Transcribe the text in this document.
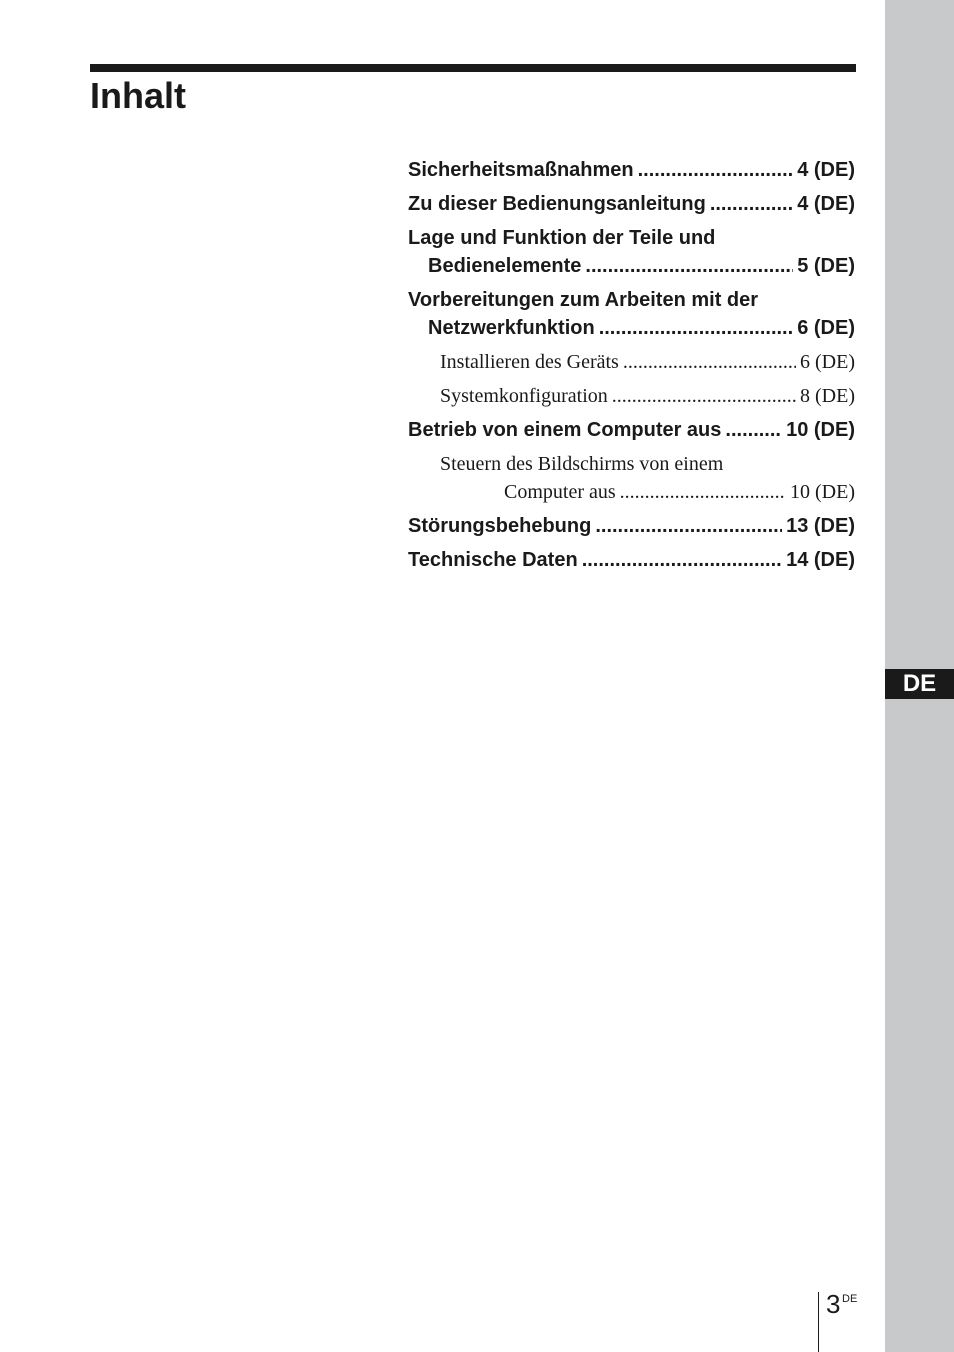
Inhalt
DE
Sicherheitsmaßnahmen .....	4 (DE)
Zu dieser Bedienungsanleitung .....	4 (DE)
Lage und Funktion der Teile und
Bedienelemente .....	5 (DE)
Vorbereitungen zum Arbeiten mit der
Netzwerkfunktion .....	6 (DE)
Installieren des Geräts .....	6 (DE)
Systemkonfiguration .....	8 (DE)
Betrieb von einem Computer aus .....	10 (DE)
Steuern des Bildschirms von einem
Computer aus .....	10 (DE)
Störungsbehebung .....	13 (DE)
Technische Daten .....	14 (DE)
3 DE
